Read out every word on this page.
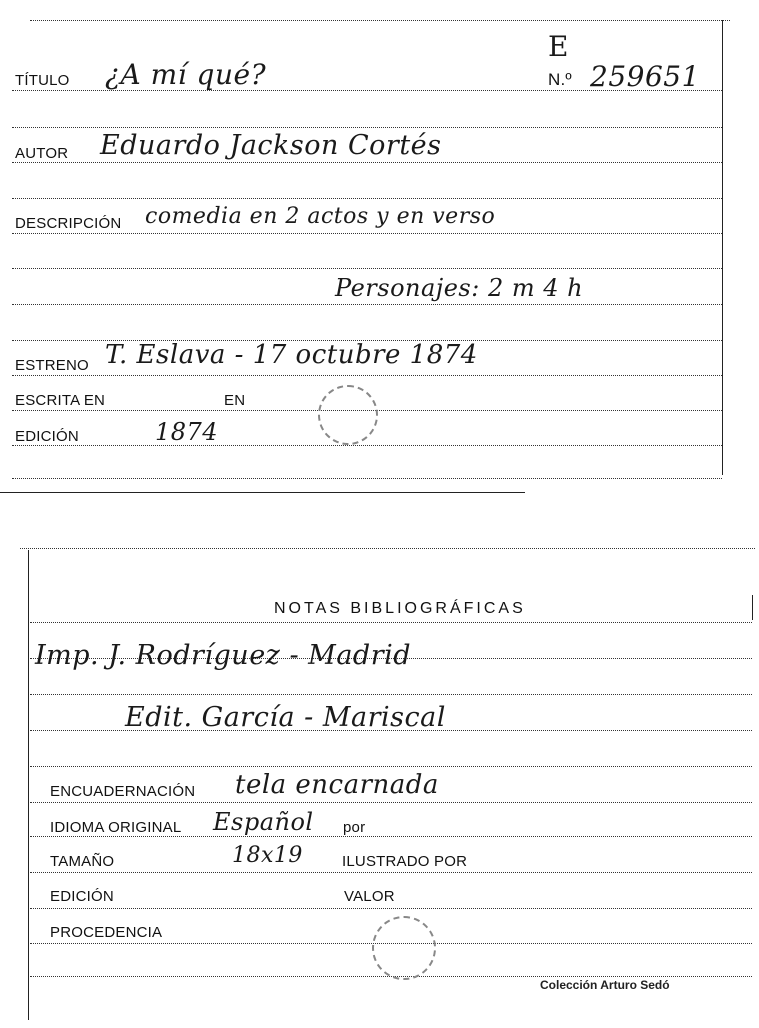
E
TÍTULO ¿A mí qué?	N.º 259651
AUTOR Eduardo Jackson Cortés
DESCRIPCIÓN comedia en 2 actos y en verso
Personajes: 2 m 4 h
ESTRENO T. Eslava - 17 octubre 1874
ESCRITA EN	EN
EDICIÓN	1874
NOTAS BIBLIOGRÁFICAS
Imp. J. Rodríguez - Madrid
Edit. García - Mariscal
ENCUADERNACIÓN tela encarnada
IDIOMA ORIGINAL Español por
TAMAÑO	18x19	ILUSTRADO POR
EDICIÓN	VALOR
PROCEDENCIA
Colección Arturo Sedó
